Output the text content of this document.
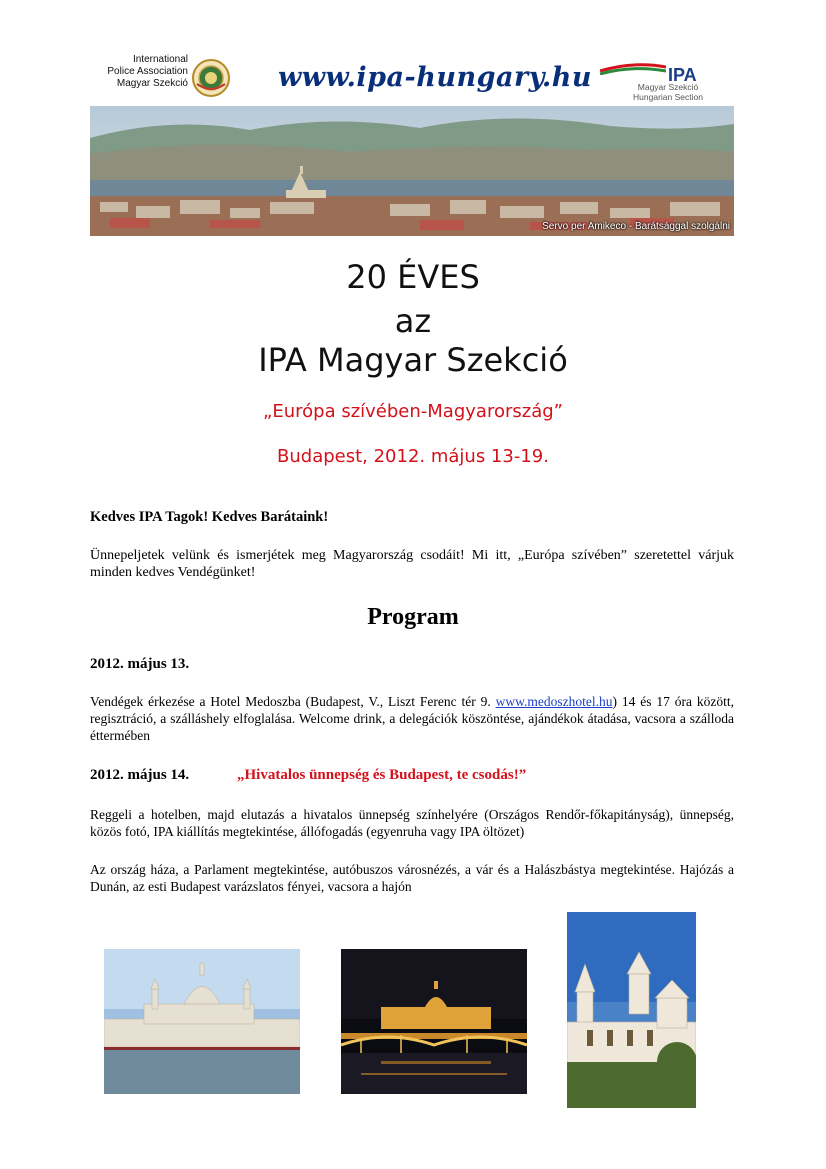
International
Police Association
Magyar Szekció	www.ipa-hungary.hu	IPA
Magyar Szekció
Hungarian Section
Servo per Amikeco - Barátsággal szolgálni
20 ÉVES
az
IPA Magyar Szekció
„Európa szívében-Magyarország”
Budapest, 2012. május 13-19.
Kedves IPA Tagok! Kedves Barátaink!
Ünnepeljetek velünk és ismerjétek meg Magyarország csodáit! Mi itt, „Európa szívében” szeretettel várjuk minden kedves Vendégünket!
Program
2012. május 13.
Vendégek érkezése a Hotel Medoszba (Budapest, V., Liszt Ferenc tér 9. www.medoszhotel.hu) 14 és 17 óra között, regisztráció, a szálláshely elfoglalása. Welcome drink, a delegációk köszöntése, ajándékok átadása, vacsora a szálloda éttermében
2012. május 14.	„Hivatalos ünnepség és Budapest, te csodás!”
Reggeli a hotelben, majd elutazás a hivatalos ünnepség színhelyére (Országos Rendőr-főkapitányság), ünnepség, közös fotó, IPA kiállítás megtekintése, állófogadás (egyenruha vagy IPA öltözet)
Az ország háza, a Parlament megtekintése, autóbuszos városnézés, a vár és a Halászbástya megtekintése. Hajózás a Dunán, az esti Budapest varázslatos fényei, vacsora a hajón
